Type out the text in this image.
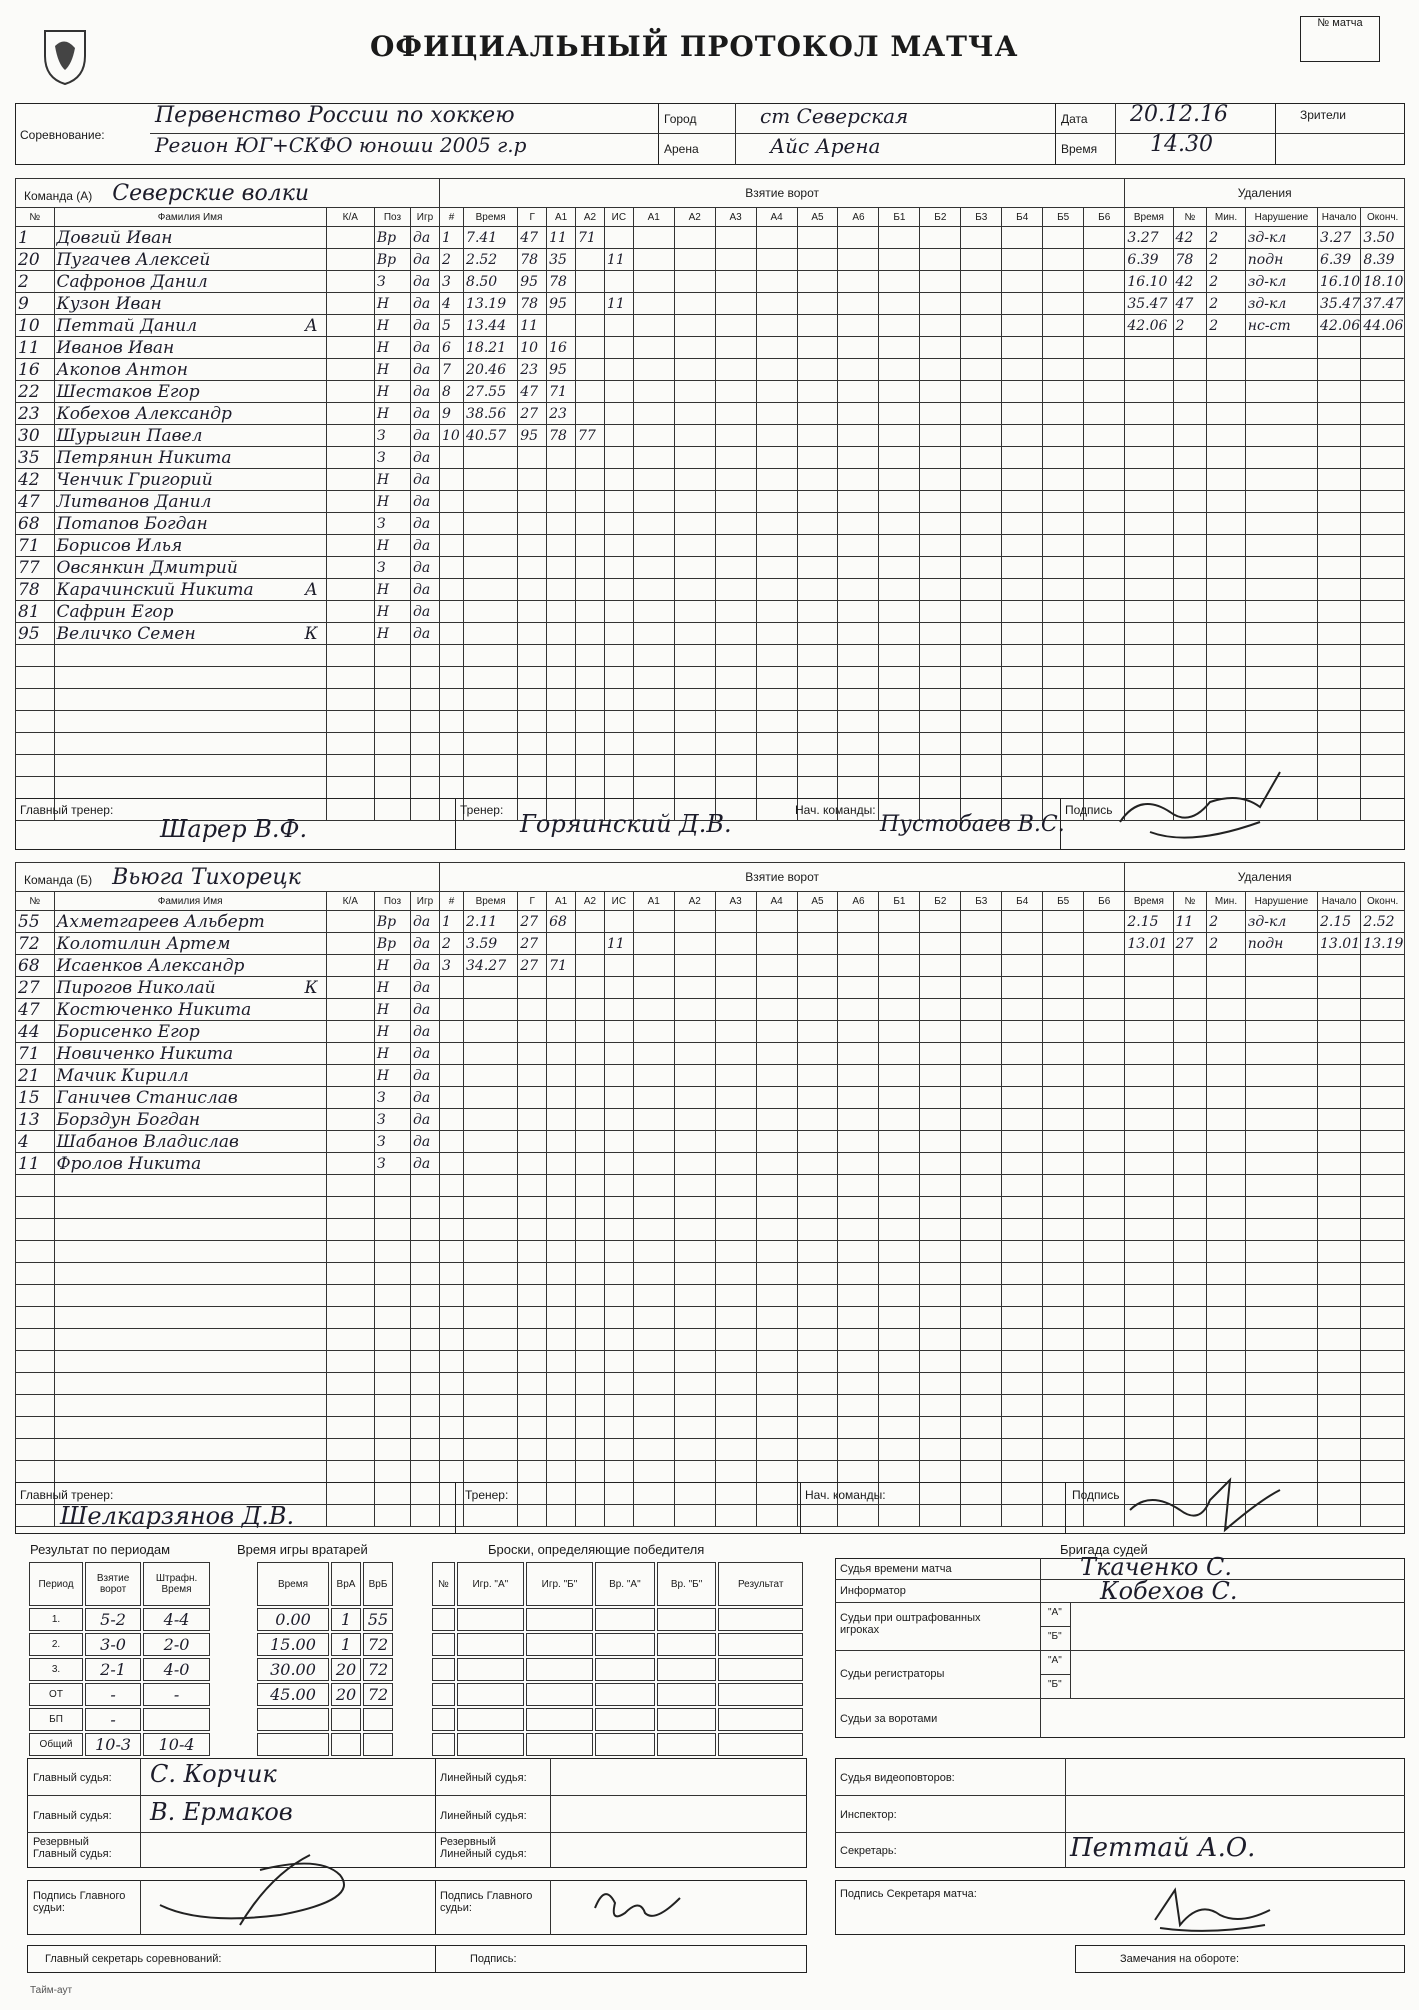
ОФИЦИАЛЬНЫЙ ПРОТОКОЛ МАТЧА
№ матча
Соревнование:
Первенство России по хоккею
Регион ЮГ+СКФО юноши 2005 г.р
Город	ст Северская
Арена	Айс Арена
Дата 20.12.16
Время 14.30
Зрители
Команда (А) Северские волки					Взятие ворот																		Удаления					
№	Фамилия Имя	К/А	Поз	Игр	#	Время	Г	А1	А2	ИС	А1	А2	А3	А4	А5	А6	Б1	Б2	Б3	Б4	Б5	Б6	Время	№	Мин.	Нарушение	Начало	Оконч.
1	Довгий Иван		Вр	да	1	7.41	47	11	71														3.27	42	2	зд-кл	3.27	3.50
20	Пугачев Алексей		Вр	да	2	2.52	78	35		11													6.39	78	2	подн	6.39	8.39
2	Сафронов Данил		З	да	3	8.50	95	78															16.10	42	2	зд-кл	16.10	18.10
9	Кузон Иван		Н	да	4	13.19	78	95		11													35.47	47	2	зд-кл	35.47	37.47
10	Петтай Данил А		Н	да	5	13.44	11																42.06	2	2	нс-ст	42.06	44.06
11	Иванов Иван		Н	да	6	18.21	10	16																				
16	Акопов Антон		Н	да	7	20.46	23	95																				
22	Шестаков Егор		Н	да	8	27.55	47	71																				
23	Кобехов Александр		Н	да	9	38.56	27	23																				
30	Шурыгин Павел		З	да	10	40.57	95	78	77																			
35	Петрянин Никита		З	да																								
42	Ченчик Григорий		Н	да																								
47	Литванов Данил		Н	да																								
68	Потапов Богдан		З	да																								
71	Борисов Илья		Н	да																								
77	Овсянкин Дмитрий		З	да																								
78	Карачинский Никита А		Н	да																								
81	Сафрин Егор		Н	да																								
95	Величко Семен К		Н	да																								

Команда (Б) Вьюга Тихорецк					Взятие ворот																		Удаления					
№	Фамилия Имя	К/А	Поз	Игр	#	Время	Г	А1	А2	ИС	А1	А2	А3	А4	А5	А6	Б1	Б2	Б3	Б4	Б5	Б6	Время	№	Мин.	Нарушение	Начало	Оконч.
55	Ахметгареев Альберт		Вр	да	1	2.11	27	68															2.15	11	2	зд-кл	2.15	2.52
72	Колотилин Артем		Вр	да	2	3.59	27			11													13.01	27	2	подн	13.01	13.19
68	Исаенков Александр		Н	да	3	34.27	27	71																				
27	Пирогов Николай К		Н	да																								
47	Костюченко Никита		Н	да																								
44	Борисенко Егор		Н	да																								
71	Новиченко Никита		Н	да																								
21	Мачик Кирилл		Н	да																								
15	Ганичев Станислав		З	да																								
13	Борздун Богдан		З	да																								
4	Шабанов Владислав		З	да																								
11	Фролов Никита		З	да																								

Главный тренер:
Шарер В.Ф.
Тренер: Горяинский Д.В.	Нач. команды:
Пустобаев В.С.
Подпись
Главный тренер:
Шелкарзянов Д.В.
Тренер:	Нач. команды:	Подпись
Результат по периодам
Период	Взятие ворот	Штрафн. Время
1.	5-2	4-4
2.	3-0	2-0
3.	2-1	4-0
ОТ	-	-
БП	-	
Общий	10-3	10-4
Время игры вратарей
Время	ВрА	ВрБ
0.00	1	55
15.00	1	72
30.00	20	72
45.00	20	72

Броски, определяющие победителя
№	Игр. "А"	Игр. "Б"	Вр. "А"	Вр. "Б"	Результат

Бригада судей
Судья времени матча	Ткаченко С.
Информатор	Кобехов С.
Судьи при оштрафованных игроках
"А"
"Б"
Судьи регистраторы
"А"
"Б"
Судьи за воротами
Главный судья: С. Корчик
Главный судья: В. Ермаков
Резервный Главный судья:
Линейный судья:
Линейный судья:
Резервный Линейный судья:
Судья видеоповторов:
Инспектор:
Секретарь:	Петтай А.О.
Подпись Главного судьи:
Подпись Главного судьи:
Подпись Секретаря матча:
Главный секретарь соревнований:	Подпись:	Замечания на обороте:
Тайм-аут
